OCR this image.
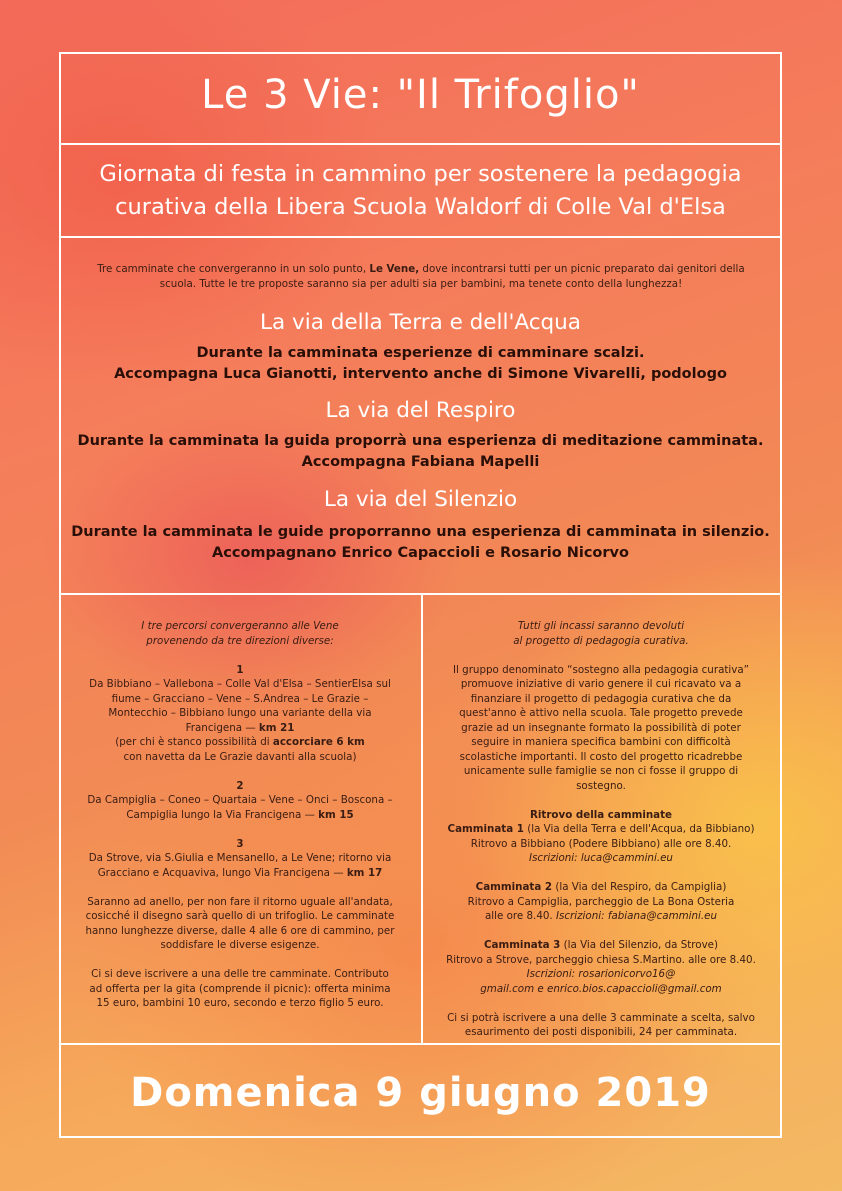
Le 3 Vie: "Il Trifoglio"
Giornata di festa in cammino per sostenere la pedagogia
curativa della Libera Scuola Waldorf di Colle Val d'Elsa
Tre camminate che convergeranno in un solo punto, Le Vene, dove incontrarsi tutti per un picnic preparato dai genitori della scuola. Tutte le tre proposte saranno sia per adulti sia per bambini, ma tenete conto della lunghezza!
La via della Terra e dell'Acqua
Durante la camminata esperienze di camminare scalzi.
Accompagna Luca Gianotti, intervento anche di Simone Vivarelli, podologo
La via del Respiro
Durante la camminata la guida proporrà una esperienza di meditazione camminata.
Accompagna Fabiana Mapelli
La via del Silenzio
Durante la camminata le guide proporranno una esperienza di camminata in silenzio.
Accompagnano Enrico Capaccioli e Rosario Nicorvo

I tre percorsi convergeranno alle Vene
provenendo da tre direzioni diverse:

1
Da Bibbiano – Vallebona – Colle Val d'Elsa – SentierElsa sul fiume – Gracciano – Vene – S.Andrea – Le Grazie – Montecchio – Bibbiano lungo una variante della via Francigena — km 21
(per chi è stanco possibilità di accorciare 6 km
con navetta da Le Grazie davanti alla scuola)

2
Da Campiglia – Coneo – Quartaia – Vene – Onci – Boscona – Campiglia lungo la Via Francigena — km 15

3
Da Strove, via S.Giulia e Mensanello, a Le Vene; ritorno via Gracciano e Acquaviva, lungo Via Francigena — km 17

Saranno ad anello, per non fare il ritorno uguale all'andata, cosicché il disegno sarà quello di un trifoglio. Le camminate hanno lunghezze diverse, dalle 4 alle 6 ore di cammino, per soddisfare le diverse esigenze.

Ci si deve iscrivere a una delle tre camminate. Contributo ad offerta per la gita (comprende il picnic): offerta minima 15 euro, bambini 10 euro, secondo e terzo figlio 5 euro.

Tutti gli incassi saranno devoluti
al progetto di pedagogia curativa.

Il gruppo denominato “sostegno alla pedagogia curativa” promuove iniziative di vario genere il cui ricavato va a finanziare il progetto di pedagogia curativa che da quest'anno è attivo nella scuola. Tale progetto prevede grazie ad un insegnante formato la possibilità di poter seguire in maniera specifica bambini con difficoltà scolastiche importanti. Il costo del progetto ricadrebbe unicamente sulle famiglie se non ci fosse il gruppo di sostegno.

Ritrovo della camminate
Camminata 1 (la Via della Terra e dell'Acqua, da Bibbiano)
Ritrovo a Bibbiano (Podere Bibbiano) alle ore 8.40.
Iscrizioni: luca@cammini.eu

Camminata 2 (la Via del Respiro, da Campiglia)
Ritrovo a Campiglia, parcheggio de La Bona Osteria
alle ore 8.40. Iscrizioni: fabiana@cammini.eu

Camminata 3 (la Via del Silenzio, da Strove)
Ritrovo a Strove, parcheggio chiesa S.Martino. alle ore 8.40.
Iscrizioni: rosarionicorvo16@
gmail.com e enrico.bios.capaccioli@gmail.com

Ci si potrà iscrivere a una delle 3 camminate a scelta, salvo esaurimento dei posti disponibili, 24 per camminata.

Domenica 9 giugno 2019
